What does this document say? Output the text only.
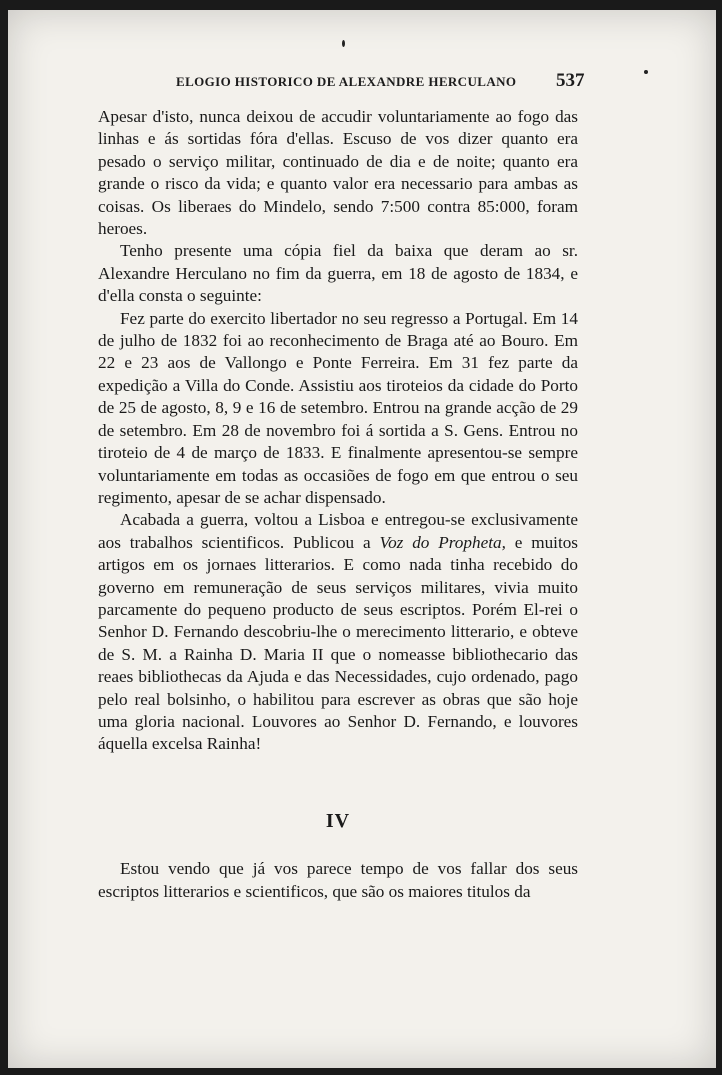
ELOGIO HISTORICO DE ALEXANDRE HERCULANO 537

Apesar d'isto, nunca deixou de accudir voluntariamente ao fogo das linhas e ás sortidas fóra d'ellas. Escuso de vos dizer quanto era pesado o serviço militar, continuado de dia e de noite; quanto era grande o risco da vida; e quanto valor era necessario para ambas as coisas. Os liberaes do Mindelo, sendo 7:500 contra 85:000, foram heroes.

Tenho presente uma cópia fiel da baixa que deram ao sr. Alexandre Herculano no fim da guerra, em 18 de agosto de 1834, e d'ella consta o seguinte:

Fez parte do exercito libertador no seu regresso a Portugal. Em 14 de julho de 1832 foi ao reconhecimento de Braga até ao Bouro. Em 22 e 23 aos de Vallongo e Ponte Ferreira. Em 31 fez parte da expedição a Villa do Conde. Assistiu aos tiroteios da cidade do Porto de 25 de agosto, 8, 9 e 16 de setembro. Entrou na grande acção de 29 de setembro. Em 28 de novembro foi á sortida a S. Gens. Entrou no tiroteio de 4 de março de 1833. E finalmente apresentou-se sempre voluntariamente em todas as occasiões de fogo em que entrou o seu regimento, apesar de se achar dispensado.

Acabada a guerra, voltou a Lisboa e entregou-se exclusivamente aos trabalhos scientificos. Publicou a Voz do Propheta, e muitos artigos em os jornaes litterarios. E como nada tinha recebido do governo em remuneração de seus serviços militares, vivia muito parcamente do pequeno producto de seus escriptos. Porém El-rei o Senhor D. Fernando descobriu-lhe o merecimento litterario, e obteve de S. M. a Rainha D. Maria II que o nomeasse bibliothecario das reaes bibliothecas da Ajuda e das Necessidades, cujo ordenado, pago pelo real bolsinho, o habilitou para escrever as obras que são hoje uma gloria nacional. Louvores ao Senhor D. Fernando, e louvores áquella excelsa Rainha!

IV

Estou vendo que já vos parece tempo de vos fallar dos seus escriptos litterarios e scientificos, que são os maiores titulos da
